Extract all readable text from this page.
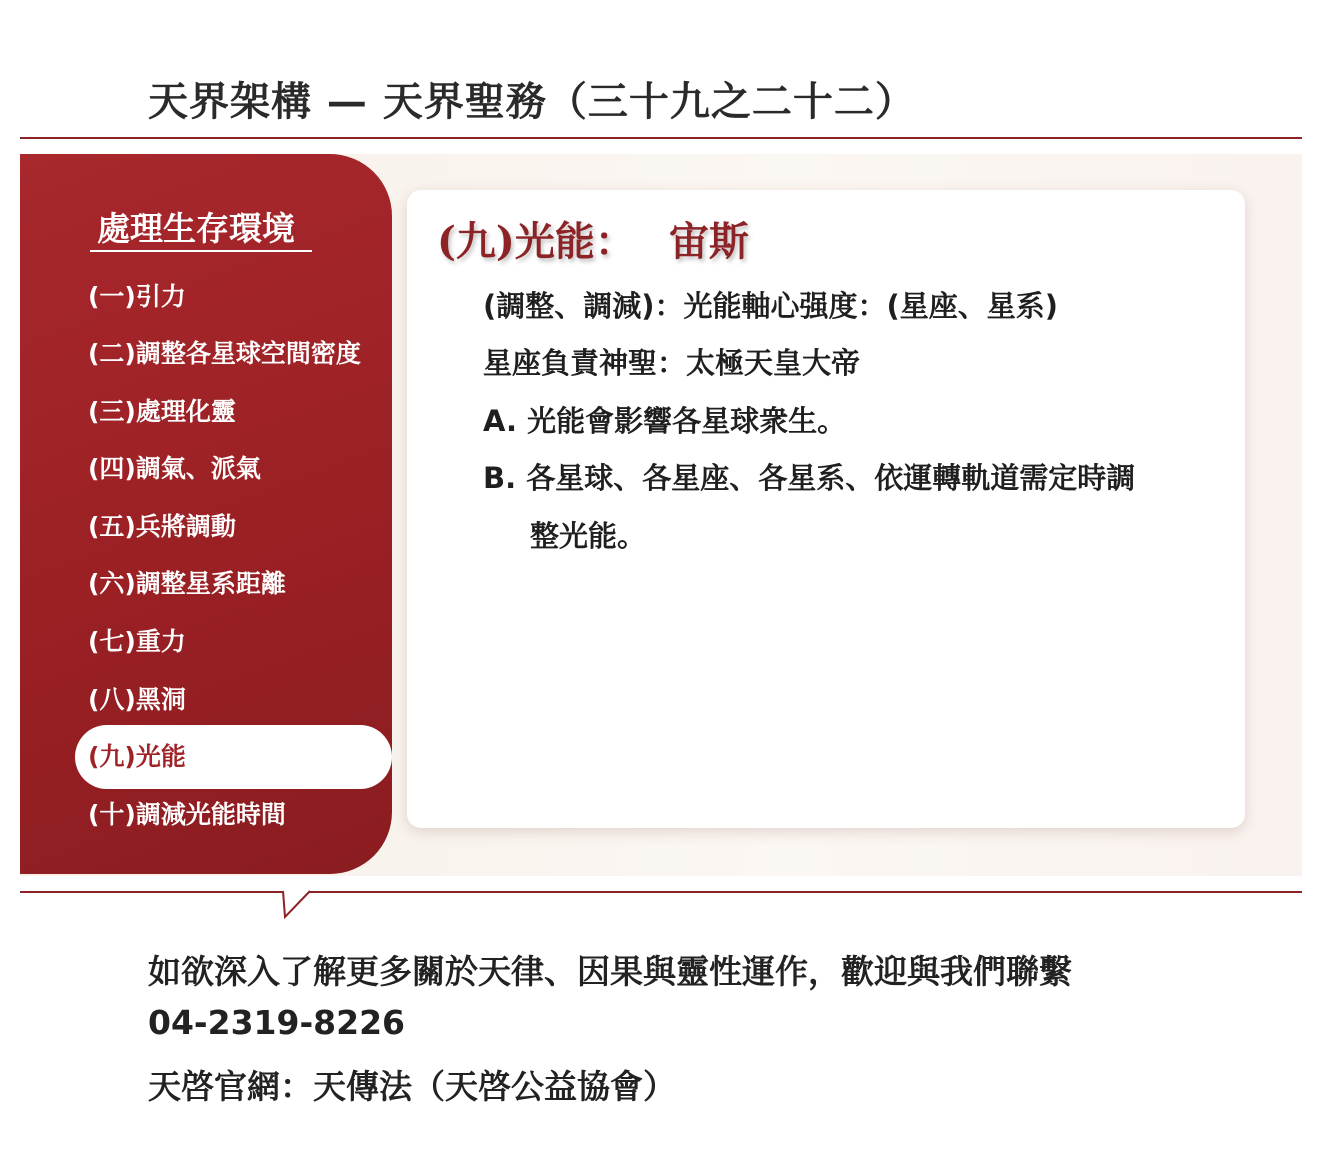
天界架構 — 天界聖務（三十九之二十二）
處理生存環境
(一)引力
(二)調整各星球空間密度
(三)處理化靈
(四)調氣、派氣
(五)兵將調動
(六)調整星系距離
(七)重力
(八)黑洞
(九)光能
(十)調減光能時間
(九)光能： 宙斯
(調整、調減)：光能軸心强度：(星座、星系)
星座負責神聖：太極天皇大帝
A. 光能會影響各星球衆生。
B. 各星球、各星座、各星系、依運轉軌道需定時調
整光能。
如欲深入了解更多關於天律、因果與靈性運作，歡迎與我們聯繫
04-2319-8226
天啓官網：天傳法（天啓公益協會）
